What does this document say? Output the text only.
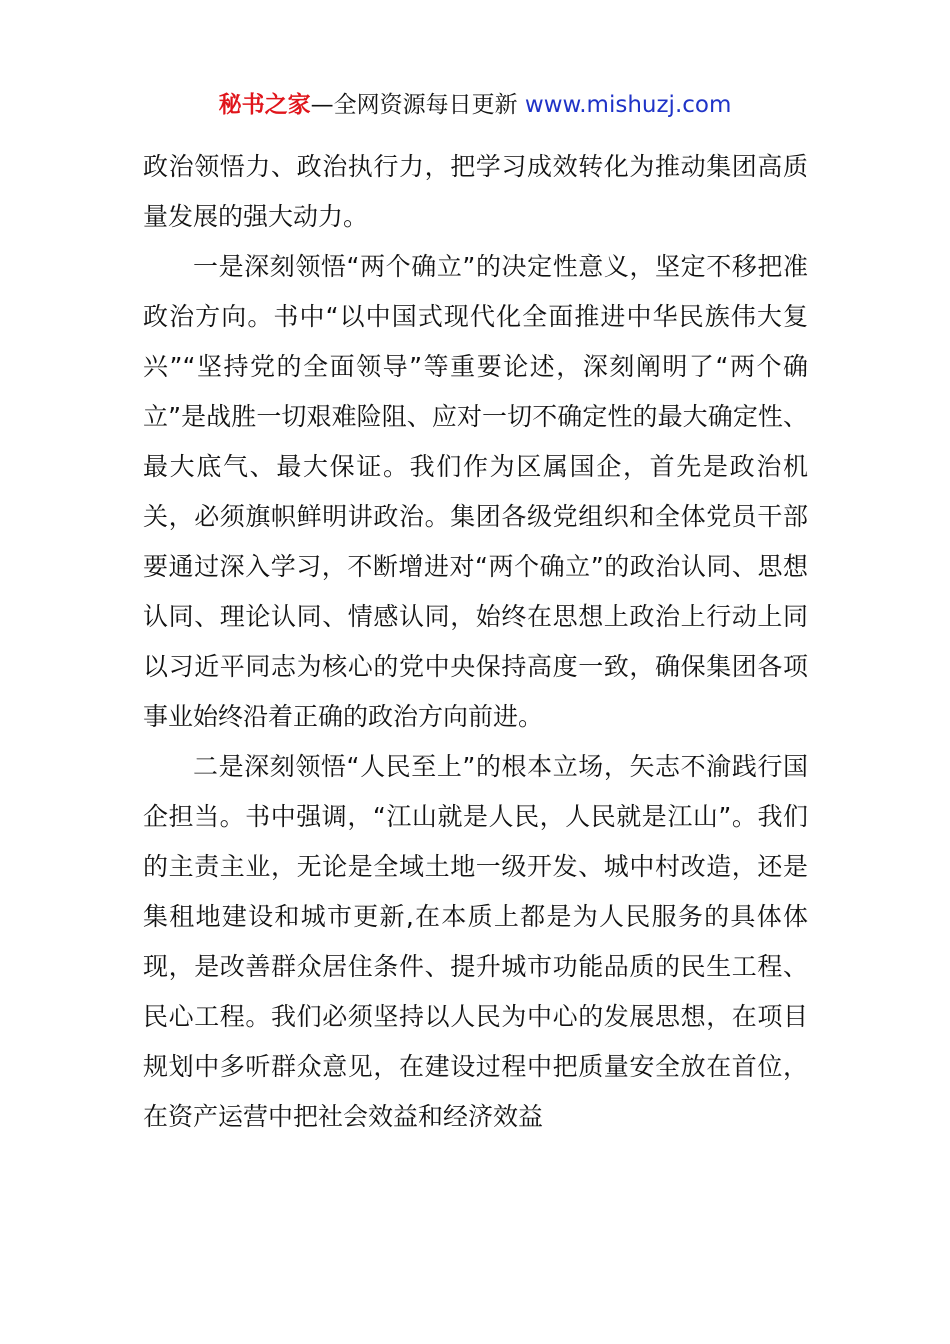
秘书之家—全网资源每日更新 www.mishuzj.com

政治领悟力、政治执行力，把学习成效转化为推动集团高质量发展的强大动力。

一是深刻领悟“两个确立”的决定性意义，坚定不移把准政治方向。书中“以中国式现代化全面推进中华民族伟大复兴”“坚持党的全面领导”等重要论述，深刻阐明了“两个确立”是战胜一切艰难险阻、应对一切不确定性的最大确定性、最大底气、最大保证。我们作为区属国企，首先是政治机关，必须旗帜鲜明讲政治。集团各级党组织和全体党员干部要通过深入学习，不断增进对“两个确立”的政治认同、思想认同、理论认同、情感认同，始终在思想上政治上行动上同以习近平同志为核心的党中央保持高度一致，确保集团各项事业始终沿着正确的政治方向前进。

二是深刻领悟“人民至上”的根本立场，矢志不渝践行国企担当。书中强调，“江山就是人民，人民就是江山”。我们的主责主业，无论是全域土地一级开发、城中村改造，还是集租地建设和城市更新,在本质上都是为人民服务的具体体现，是改善群众居住条件、提升城市功能品质的民生工程、民心工程。我们必须坚持以人民为中心的发展思想，在项目规划中多听群众意见，在建设过程中把质量安全放在首位，在资产运营中把社会效益和经济效益
